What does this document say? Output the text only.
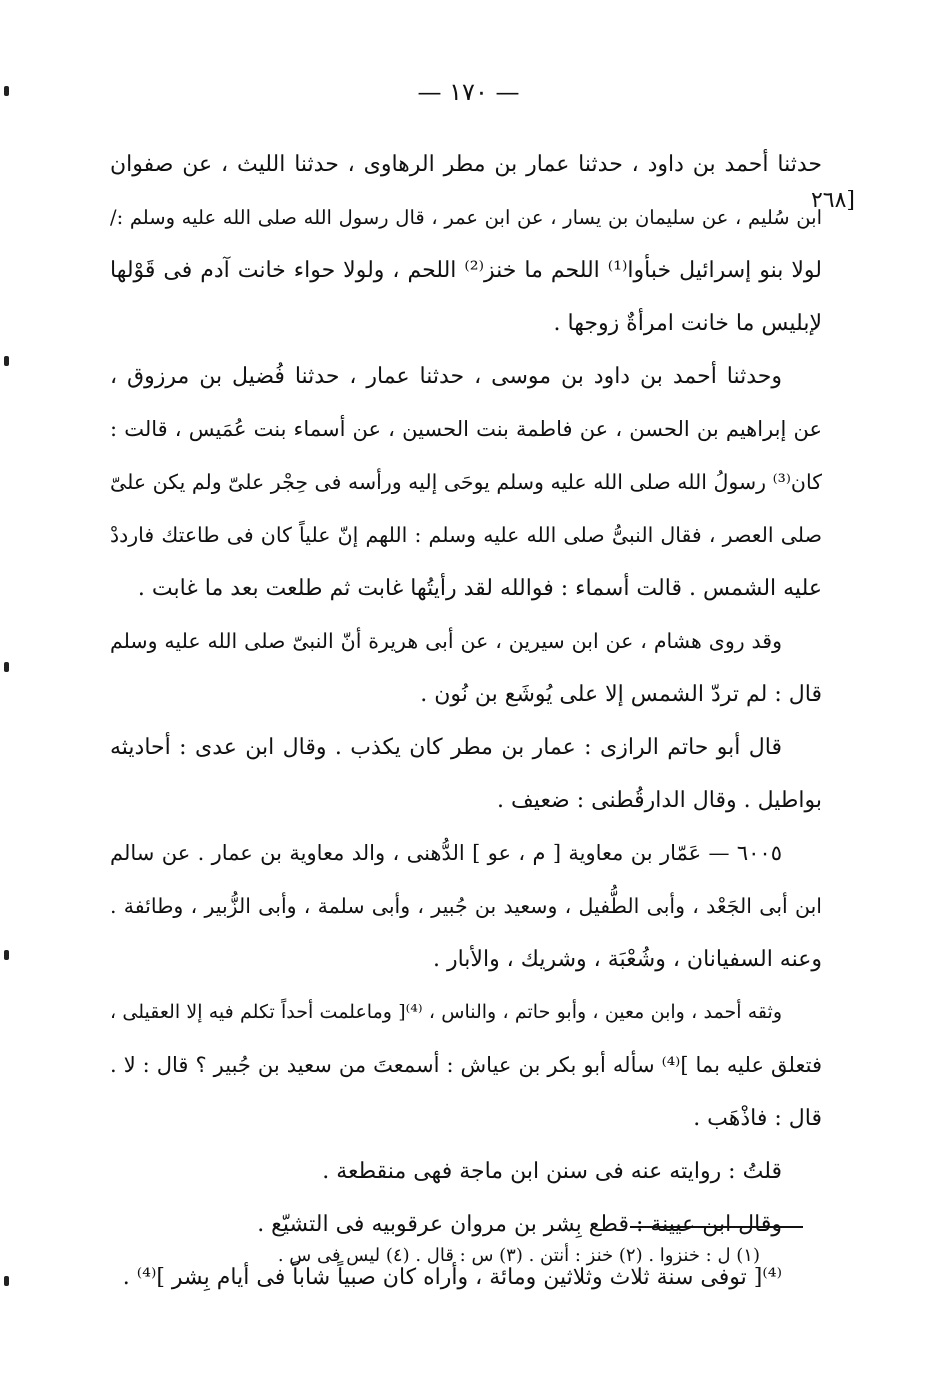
— ١٧٠ —
[٢٦٨
حدثنا أحمد بن داود ، حدثنا عمار بن مطر الرهاوى ، حدثنا الليث ، عن صفوان
ابن سُليم ، عن سليمان بن يسار ، عن ابن عمر ، قال رسول الله صلى الله عليه وسلم :/
لولا بنو إسرائيل خبأوا⁽¹⁾ اللحم ما خنز⁽²⁾ اللحم ، ولولا حواء خانت آدم فى قَوْلها
لإبليس ما خانت امرأةٌ زوجها .
وحدثنا أحمد بن داود بن موسى ، حدثنا عمار ، حدثنا فُضيل بن مرزوق ،
عن إبراهيم بن الحسن ، عن فاطمة بنت الحسين ، عن أسماء بنت عُمَيس ، قالت :
كان⁽³⁾ رسولُ الله صلى الله عليه وسلم يوحَى إليه ورأسه فى حِجْر علىّ ولم يكن علىّ
صلى العصر ، فقال النبىُّ صلى الله عليه وسلم : اللهم إنّ علياً كان فى طاعتك فارددْ
عليه الشمس . قالت أسماء : فوالله لقد رأيتُها غابت ثم طلعت بعد ما غابت .
وقد روى هشام ، عن ابن سيرين ، عن أبى هريرة أنّ النبىّ صلى الله عليه وسلم
قال : لم تردّ الشمس إلا على يُوشَع بن نُون .
قال أبو حاتم الرازى : عمار بن مطر كان يكذب . وقال ابن عدى : أحاديثه
بواطيل . وقال الدارقُطنى : ضعيف .
٦٠٠٥ — عَمّار بن معاوية [ م ، عو ] الدُّهنى ، والد معاوية بن عمار . عن سالم
ابن أبى الجَعْد ، وأبى الطُّفيل ، وسعيد بن جُبير ، وأبى سلمة ، وأبى الزُّبير ، وطائفة .
وعنه السفيانان ، وشُعْبَة ، وشريك ، والأبار .
وثقه أحمد ، وابن معين ، وأبو حاتم ، والناس ، ⁽⁴⁾[ وماعلمت أحداً تكلم فيه إلا العقيلى ،
فتعلق عليه بما ]⁽⁴⁾ سأله أبو بكر بن عياش : أسمعتَ من سعيد بن جُبير ؟ قال : لا .
قال : فاذْهَب .
قلتُ : روايته عنه فى سنن ابن ماجة فهى منقطعة .
وقال ابن عيينة : قطع بِشر بن مروان عرقوبيه فى التشيّع .
⁽⁴⁾[ توفى سنة ثلاث وثلاثين ومائة ، وأراه كان صبياً شاباً فى أيام بِشر ]⁽⁴⁾ .
(١) ل : خنزوا . (٢) خنز : أنتن . (٣) س : قال . (٤) ليس فى س .
